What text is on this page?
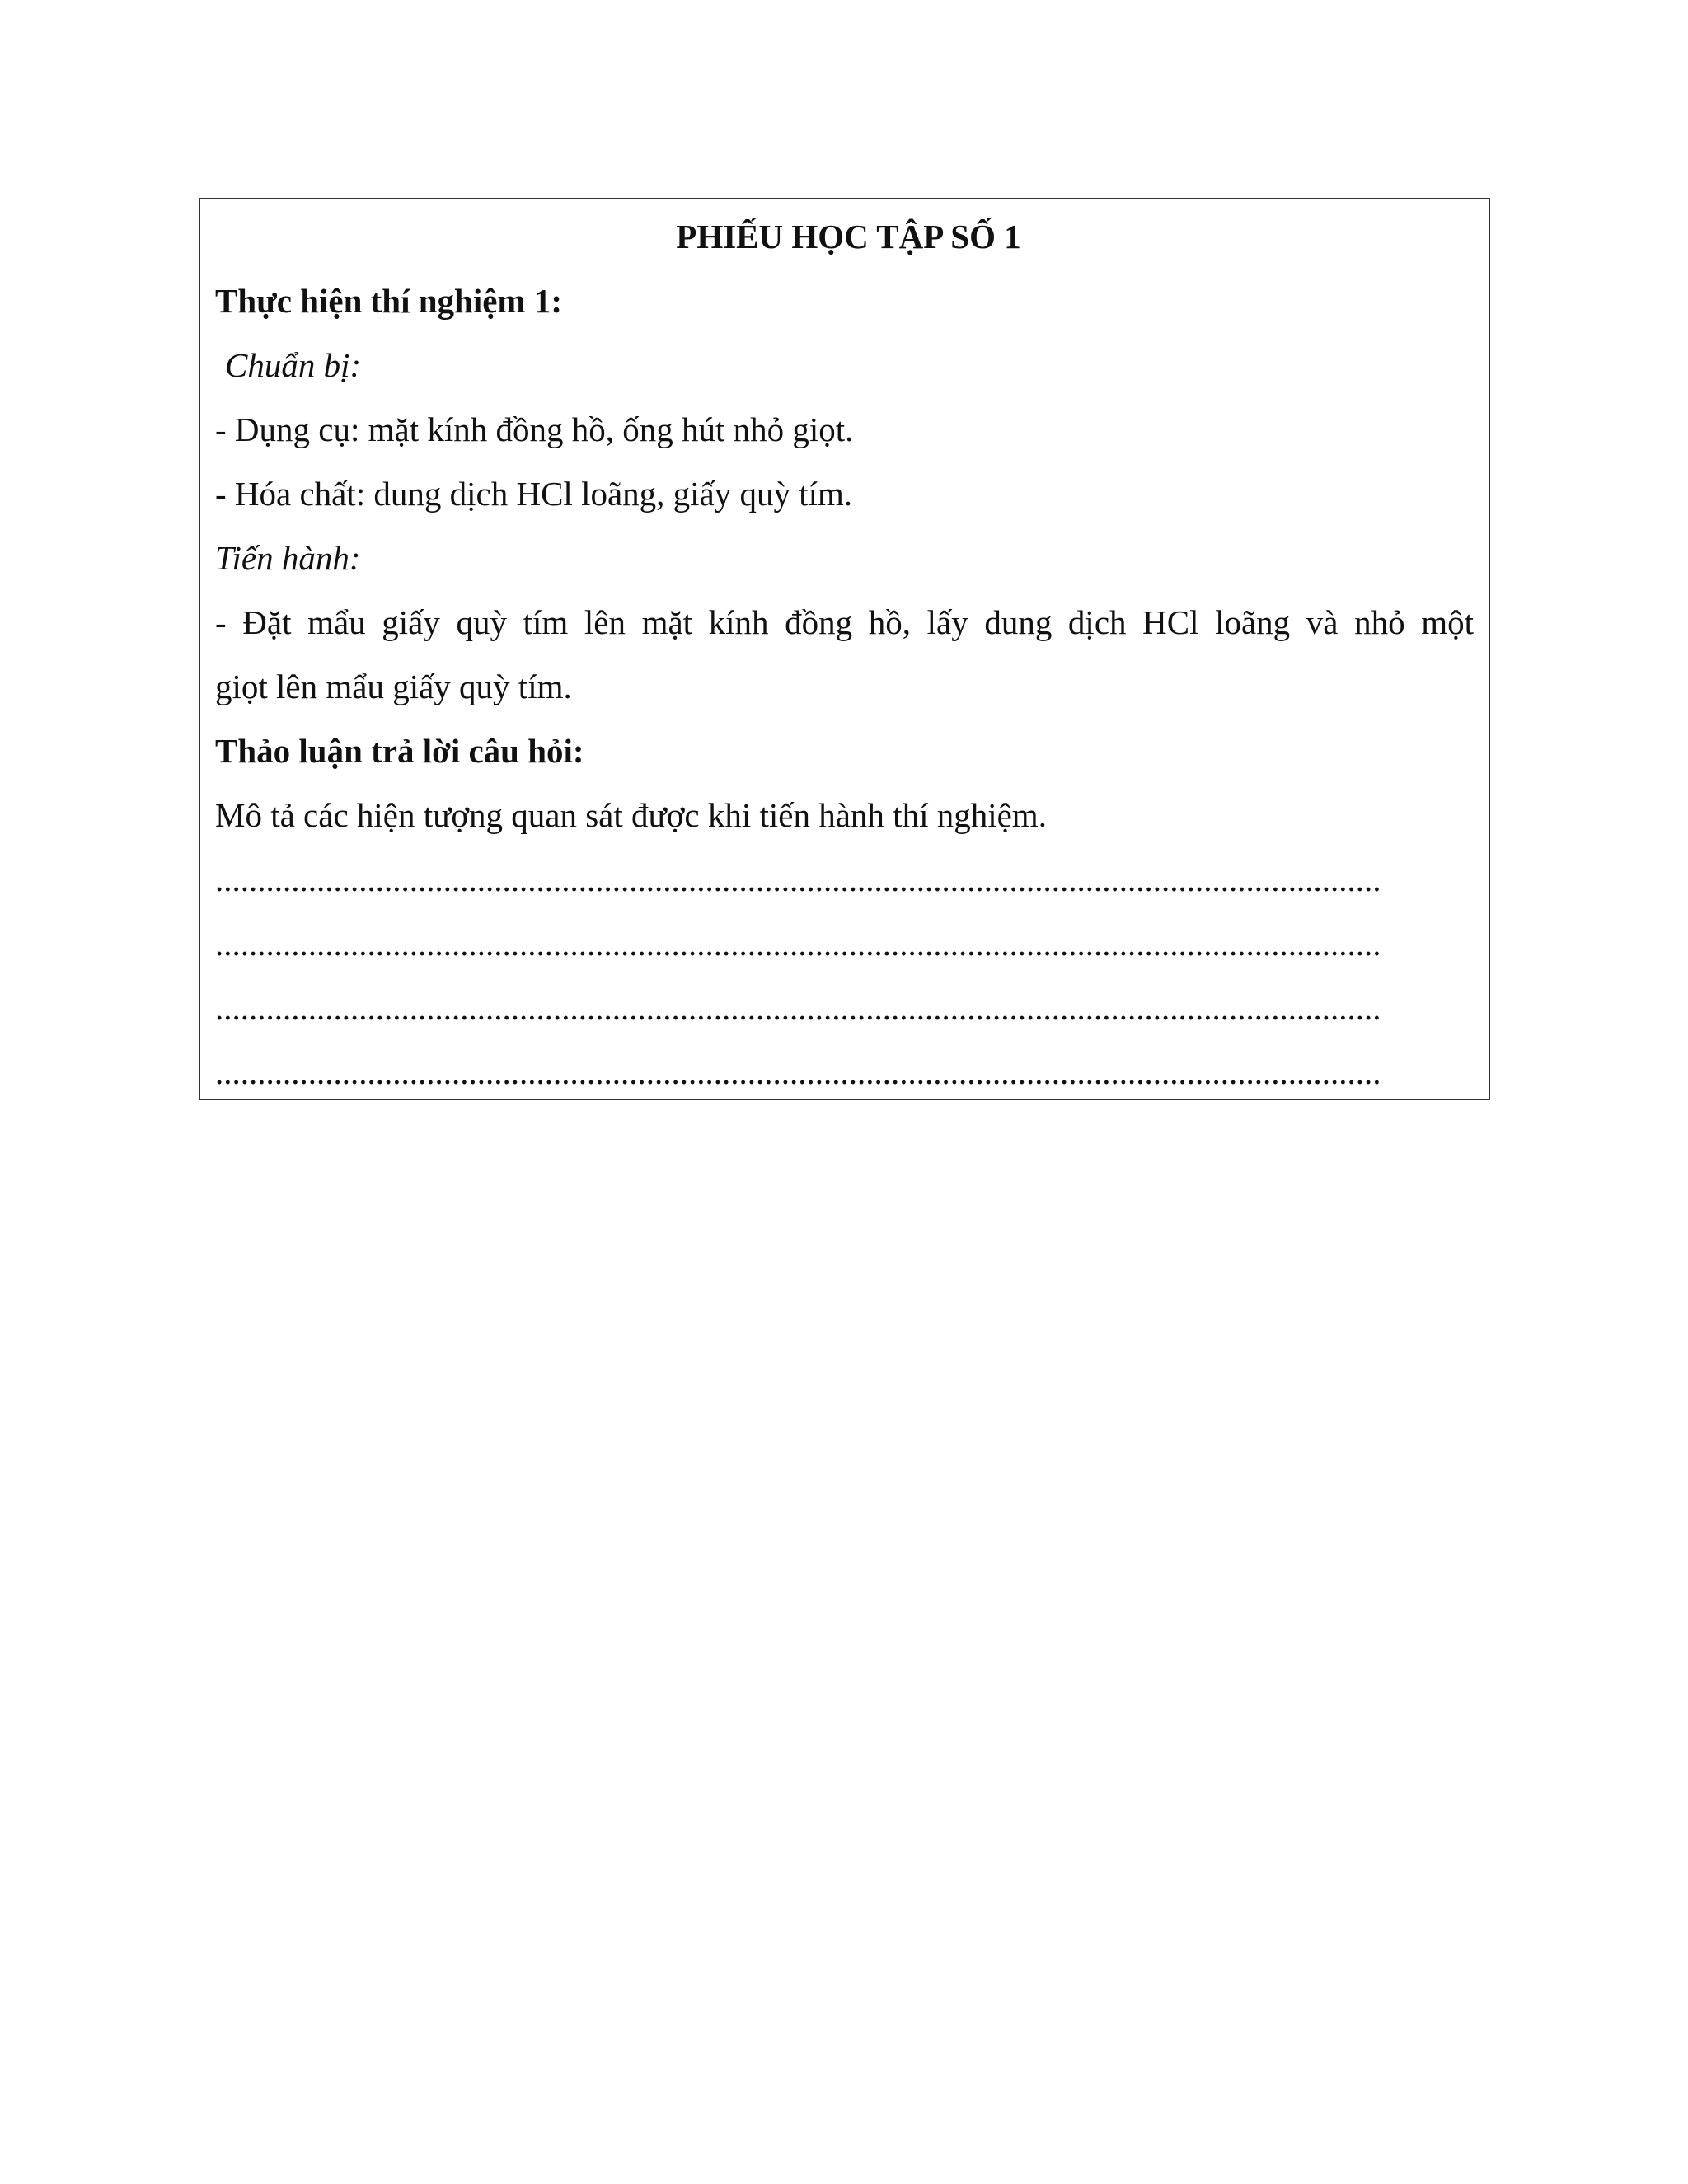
PHIẾU HỌC TẬP SỐ 1
Thực hiện thí nghiệm 1:
Chuẩn bị:
- Dụng cụ: mặt kính đồng hồ, ống hút nhỏ giọt.
- Hóa chất: dung dịch HCl loãng, giấy quỳ tím.
Tiến hành:
- Đặt mẩu giấy quỳ tím lên mặt kính đồng hồ, lấy dung dịch HCl loãng và nhỏ một
giọt lên mẩu giấy quỳ tím.
Thảo luận trả lời câu hỏi:
Mô tả các hiện tượng quan sát được khi tiến hành thí nghiệm.
..........................................................................................................................................
..........................................................................................................................................
..........................................................................................................................................
..........................................................................................................................................
